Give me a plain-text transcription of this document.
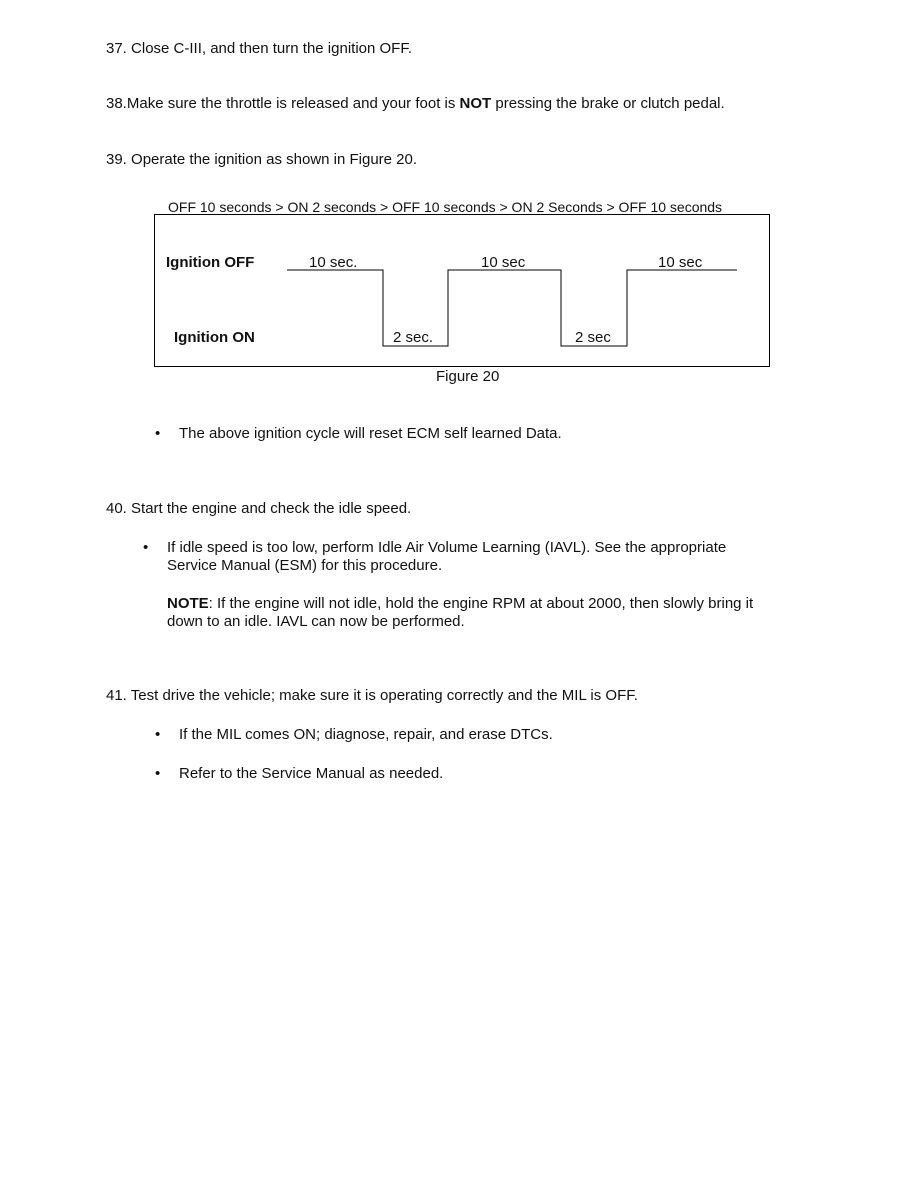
37. Close C-III, and then turn the ignition OFF.
38.Make sure the throttle is released and your foot is NOT pressing the brake or clutch pedal.
39. Operate the ignition as shown in Figure 20.
OFF 10 seconds > ON 2 seconds > OFF 10 seconds > ON 2 Seconds > OFF 10 seconds
Ignition OFF
Ignition ON
10 sec.	10 sec	10 sec
2 sec.	2 sec
Figure 20
• The above ignition cycle will reset ECM self learned Data.
40. Start the engine and check the idle speed.
• If idle speed is too low, perform Idle Air Volume Learning (IAVL). See the appropriate
Service Manual (ESM) for this procedure.
NOTE: If the engine will not idle, hold the engine RPM at about 2000, then slowly bring it
down to an idle. IAVL can now be performed.
41. Test drive the vehicle; make sure it is operating correctly and the MIL is OFF.
• If the MIL comes ON; diagnose, repair, and erase DTCs.
• Refer to the Service Manual as needed.
